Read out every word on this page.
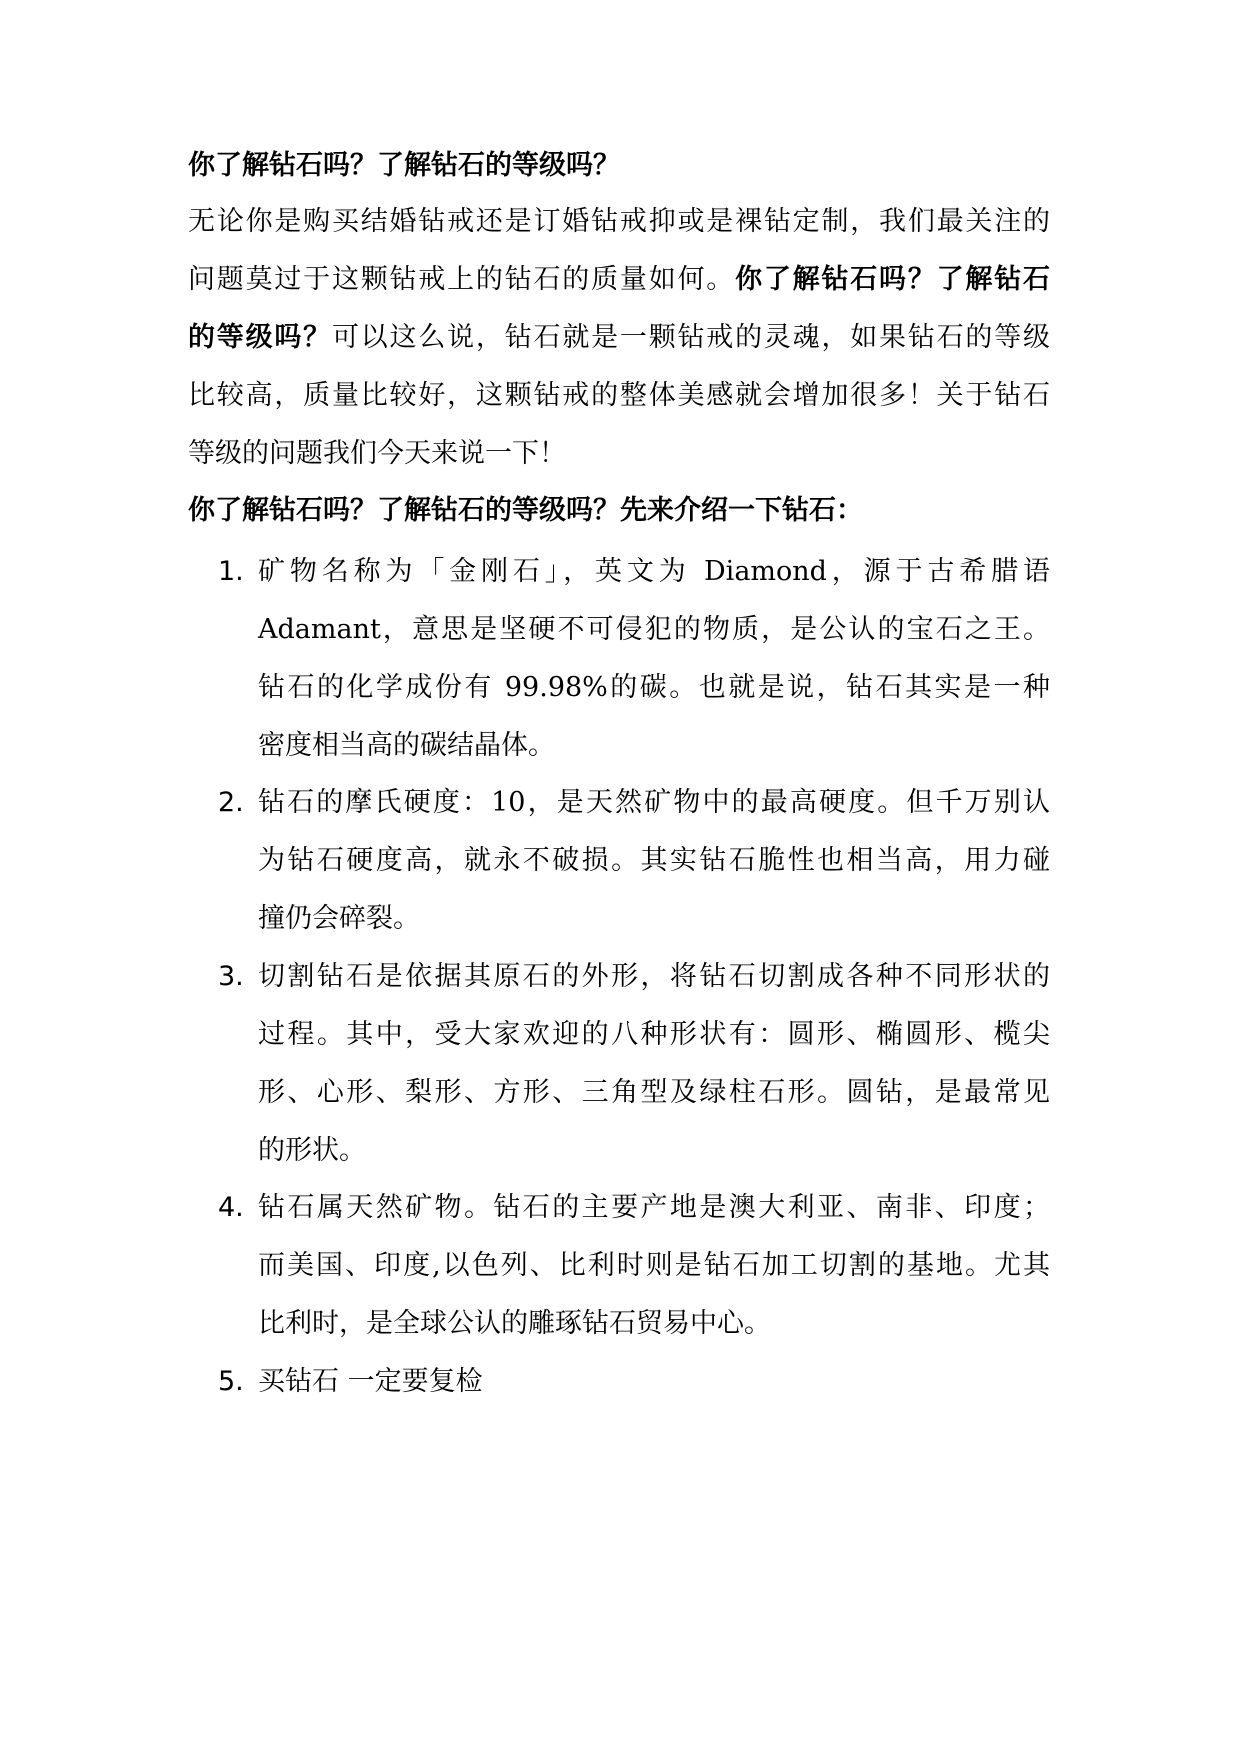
你了解钻石吗？了解钻石的等级吗？
无论你是购买结婚钻戒还是订婚钻戒抑或是裸钻定制，我们最关注的
问题莫过于这颗钻戒上的钻石的质量如何。你了解钻石吗？了解钻石
的等级吗？可以这么说，钻石就是一颗钻戒的灵魂，如果钻石的等级
比较高，质量比较好，这颗钻戒的整体美感就会增加很多！关于钻石
等级的问题我们今天来说一下！
你了解钻石吗？了解钻石的等级吗？先来介绍一下钻石：
1. 矿物名称为「金刚石」，英文为 Diamond，源于古希腊语
Adamant，意思是坚硬不可侵犯的物质，是公认的宝石之王。
钻石的化学成份有 99.98%的碳。也就是说，钻石其实是一种
密度相当高的碳结晶体。
2. 钻石的摩氏硬度：10，是天然矿物中的最高硬度。但千万别认
为钻石硬度高，就永不破损。其实钻石脆性也相当高，用力碰
撞仍会碎裂。
3. 切割钻石是依据其原石的外形，将钻石切割成各种不同形状的
过程。其中，受大家欢迎的八种形状有：圆形、椭圆形、榄尖
形、心形、梨形、方形、三角型及绿柱石形。圆钻，是最常见
的形状。
4. 钻石属天然矿物。钻石的主要产地是澳大利亚、南非、印度；
而美国、印度,以色列、比利时则是钻石加工切割的基地。尤其
比利时，是全球公认的雕琢钻石贸易中心。
5. 买钻石 一定要复检
